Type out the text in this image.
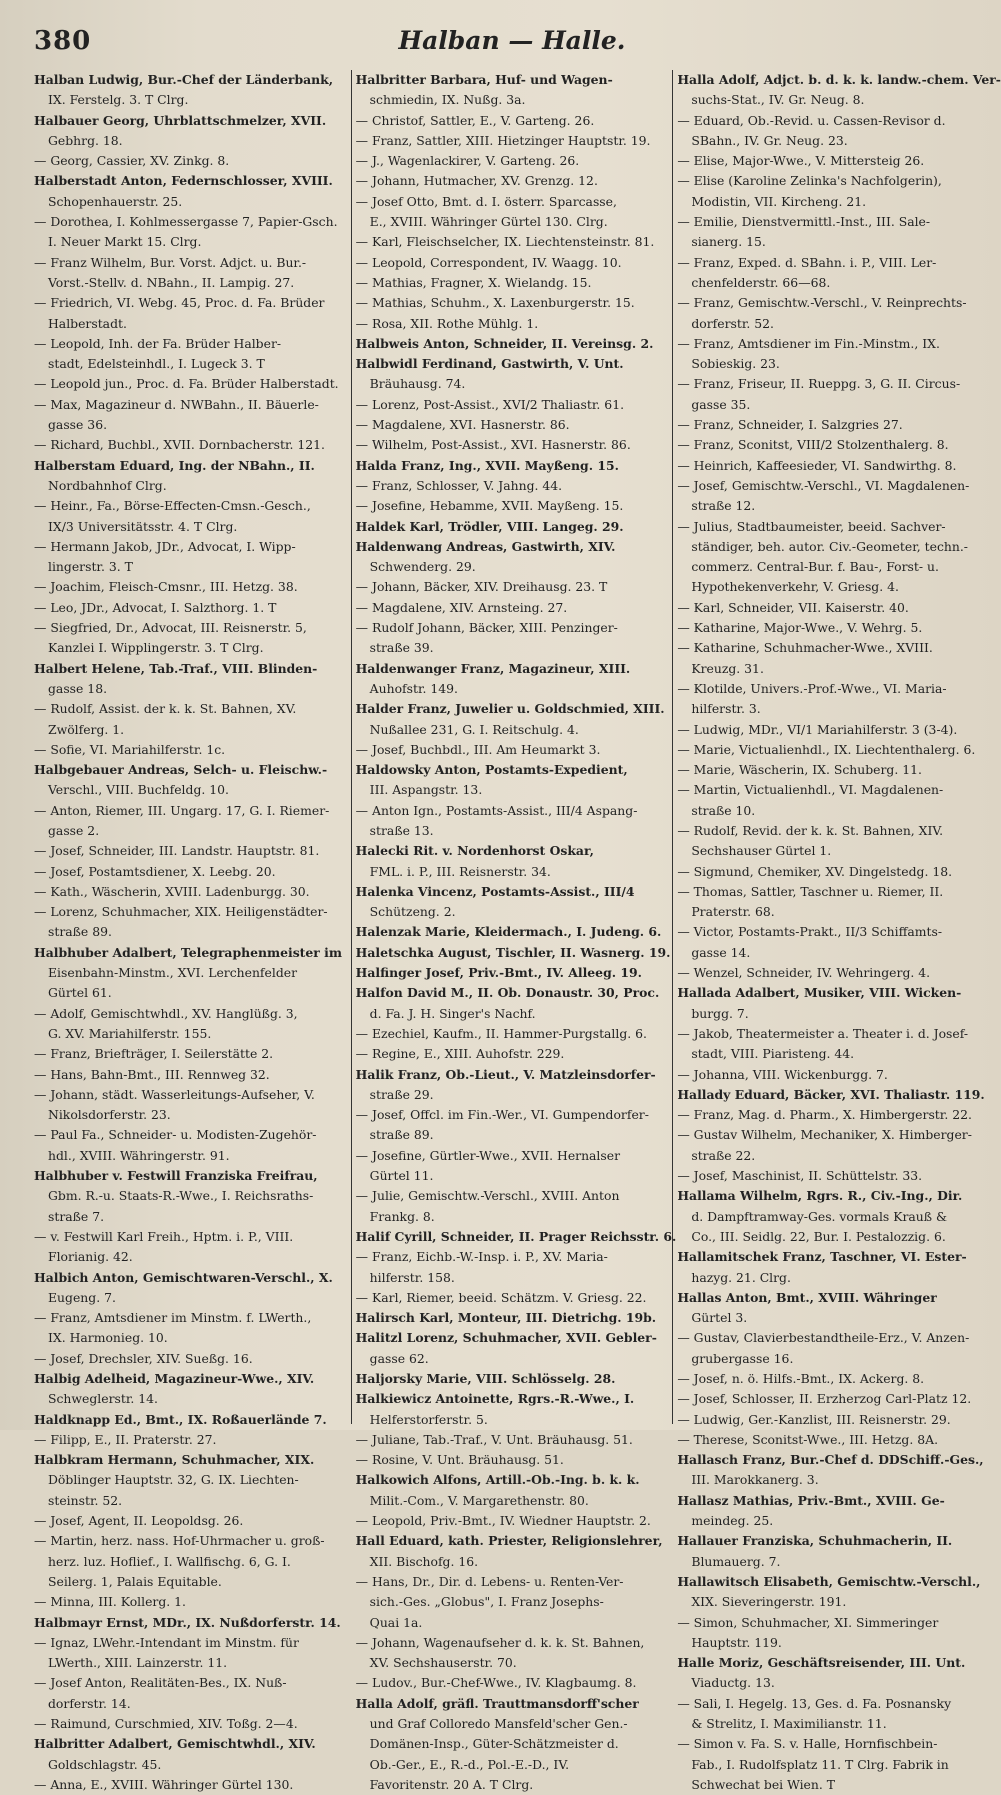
380	Halban — Halle.
Halban Ludwig, Bur.-Chef der Länderbank,
IX. Ferstelg. 3. T Clrg.
Halbauer Georg, Uhrblattschmelzer, XVII.
Gebhrg. 18.
— Georg, Cassier, XV. Zinkg. 8.
Halberstadt Anton, Federnschlosser, XVIII.
Schopenhauerstr. 25.
— Dorothea, I. Kohlmessergasse 7, Papier-Gsch.
I. Neuer Markt 15. Clrg.
— Franz Wilhelm, Bur. Vorst. Adjct. u. Bur.-
Vorst.-Stellv. d. NBahn., II. Lampig. 27.
— Friedrich, VI. Webg. 45, Proc. d. Fa. Brüder
Halberstadt.
— Leopold, Inh. der Fa. Brüder Halber-
stadt, Edelsteinhdl., I. Lugeck 3. T
— Leopold jun., Proc. d. Fa. Brüder Halberstadt.
— Max, Magazineur d. NWBahn., II. Bäuerle-
gasse 36.
— Richard, Buchbl., XVII. Dornbacherstr. 121.
Halberstam Eduard, Ing. der NBahn., II.
Nordbahnhof Clrg.
— Heinr., Fa., Börse-Effecten-Cmsn.-Gesch.,
IX/3 Universitätsstr. 4. T Clrg.
— Hermann Jakob, JDr., Advocat, I. Wipp-
lingerstr. 3. T
— Joachim, Fleisch-Cmsnr., III. Hetzg. 38.
— Leo, JDr., Advocat, I. Salzthorg. 1. T
— Siegfried, Dr., Advocat, III. Reisnerstr. 5,
Kanzlei I. Wipplingerstr. 3. T Clrg.
Halbert Helene, Tab.-Traf., VIII. Blinden-
gasse 18.
— Rudolf, Assist. der k. k. St. Bahnen, XV.
Zwölferg. 1.
— Sofie, VI. Mariahilferstr. 1c.
Halbgebauer Andreas, Selch- u. Fleischw.-
Verschl., VIII. Buchfeldg. 10.
— Anton, Riemer, III. Ungarg. 17, G. I. Riemer-
gasse 2.
— Josef, Schneider, III. Landstr. Hauptstr. 81.
— Josef, Postamtsdiener, X. Leebg. 20.
— Kath., Wäscherin, XVIII. Ladenburgg. 30.
— Lorenz, Schuhmacher, XIX. Heiligenstädter-
straße 89.
Halbhuber Adalbert, Telegraphenmeister im
Eisenbahn-Minstm., XVI. Lerchenfelder
Gürtel 61.
— Adolf, Gemischtwhdl., XV. Hanglüßg. 3,
G. XV. Mariahilferstr. 155.
— Franz, Briefträger, I. Seilerstätte 2.
— Hans, Bahn-Bmt., III. Rennweg 32.
— Johann, städt. Wasserleitungs-Aufseher, V.
Nikolsdorferstr. 23.
— Paul Fa., Schneider- u. Modisten-Zugehör-
hdl., XVIII. Währingerstr. 91.
Halbhuber v. Festwill Franziska Freifrau,
Gbm. R.-u. Staats-R.-Wwe., I. Reichsraths-
straße 7.
— v. Festwill Karl Freih., Hptm. i. P., VIII.
Florianig. 42.
Halbich Anton, Gemischtwaren-Verschl., X.
Eugeng. 7.
— Franz, Amtsdiener im Minstm. f. LWerth.,
IX. Harmonieg. 10.
— Josef, Drechsler, XIV. Sueßg. 16.
Halbig Adelheid, Magazineur-Wwe., XIV.
Schweglerstr. 14.
Haldknapp Ed., Bmt., IX. Roßauerlände 7.
— Filipp, E., II. Praterstr. 27.
Halbkram Hermann, Schuhmacher, XIX.
Döblinger Hauptstr. 32, G. IX. Liechten-
steinstr. 52.
— Josef, Agent, II. Leopoldsg. 26.
— Martin, herz. nass. Hof-Uhrmacher u. groß-
herz. luz. Hoflief., I. Wallfischg. 6, G. I.
Seilerg. 1, Palais Equitable.
— Minna, III. Kollerg. 1.
Halbmayr Ernst, MDr., IX. Nußdorferstr. 14.
— Ignaz, LWehr.-Intendant im Minstm. für
LWerth., XIII. Lainzerstr. 11.
— Josef Anton, Realitäten-Bes., IX. Nuß-
dorferstr. 14.
— Raimund, Curschmied, XIV. Toßg. 2—4.
Halbritter Adalbert, Gemischtwhdl., XIV.
Goldschlagstr. 45.
— Anna, E., XVIII. Währinger Gürtel 130.
Halbritter Barbara, Huf- und Wagen-
schmiedin, IX. Nußg. 3a.
— Christof, Sattler, E., V. Garteng. 26.
— Franz, Sattler, XIII. Hietzinger Hauptstr. 19.
— J., Wagenlackirer, V. Garteng. 26.
— Johann, Hutmacher, XV. Grenzg. 12.
— Josef Otto, Bmt. d. I. österr. Sparcasse,
E., XVIII. Währinger Gürtel 130. Clrg.
— Karl, Fleischselcher, IX. Liechtensteinstr. 81.
— Leopold, Correspondent, IV. Waagg. 10.
— Mathias, Fragner, X. Wielandg. 15.
— Mathias, Schuhm., X. Laxenburgerstr. 15.
— Rosa, XII. Rothe Mühlg. 1.
Halbweis Anton, Schneider, II. Vereinsg. 2.
Halbwidl Ferdinand, Gastwirth, V. Unt.
Bräuhausg. 74.
— Lorenz, Post-Assist., XVI/2 Thaliastr. 61.
— Magdalene, XVI. Hasnerstr. 86.
— Wilhelm, Post-Assist., XVI. Hasnerstr. 86.
Halda Franz, Ing., XVII. Mayßeng. 15.
— Franz, Schlosser, V. Jahng. 44.
— Josefine, Hebamme, XVII. Mayßeng. 15.
Haldek Karl, Trödler, VIII. Langeg. 29.
Haldenwang Andreas, Gastwirth, XIV.
Schwenderg. 29.
— Johann, Bäcker, XIV. Dreihausg. 23. T
— Magdalene, XIV. Arnsteing. 27.
— Rudolf Johann, Bäcker, XIII. Penzinger-
straße 39.
Haldenwanger Franz, Magazineur, XIII.
Auhofstr. 149.
Halder Franz, Juwelier u. Goldschmied, XIII.
Nußallee 231, G. I. Reitschulg. 4.
— Josef, Buchbdl., III. Am Heumarkt 3.
Haldowsky Anton, Postamts-Expedient,
III. Aspangstr. 13.
— Anton Ign., Postamts-Assist., III/4 Aspang-
straße 13.
Halecki Rit. v. Nordenhorst Oskar,
FML. i. P., III. Reisnerstr. 34.
Halenka Vincenz, Postamts-Assist., III/4
Schützeng. 2.
Halenzak Marie, Kleidermach., I. Judeng. 6.
Haletschka August, Tischler, II. Wasnerg. 19.
Halfinger Josef, Priv.-Bmt., IV. Alleeg. 19.
Halfon David M., II. Ob. Donaustr. 30, Proc.
d. Fa. J. H. Singer's Nachf.
— Ezechiel, Kaufm., II. Hammer-Purgstallg. 6.
— Regine, E., XIII. Auhofstr. 229.
Halik Franz, Ob.-Lieut., V. Matzleinsdorfer-
straße 29.
— Josef, Offcl. im Fin.-Wer., VI. Gumpendorfer-
straße 89.
— Josefine, Gürtler-Wwe., XVII. Hernalser
Gürtel 11.
— Julie, Gemischtw.-Verschl., XVIII. Anton
Frankg. 8.
Halif Cyrill, Schneider, II. Prager Reichsstr. 6.
— Franz, Eichb.-W.-Insp. i. P., XV. Maria-
hilferstr. 158.
— Karl, Riemer, beeid. Schätzm. V. Griesg. 22.
Halirsch Karl, Monteur, III. Dietrichg. 19b.
Halitzl Lorenz, Schuhmacher, XVII. Gebler-
gasse 62.
Haljorsky Marie, VIII. Schlösselg. 28.
Halkiewicz Antoinette, Rgrs.-R.-Wwe., I.
Helferstorferstr. 5.
— Juliane, Tab.-Traf., V. Unt. Bräuhausg. 51.
— Rosine, V. Unt. Bräuhausg. 51.
Halkowich Alfons, Artill.-Ob.-Ing. b. k. k.
Milit.-Com., V. Margarethenstr. 80.
— Leopold, Priv.-Bmt., IV. Wiedner Hauptstr. 2.
Hall Eduard, kath. Priester, Religionslehrer,
XII. Bischofg. 16.
— Hans, Dr., Dir. d. Lebens- u. Renten-Ver-
sich.-Ges. „Globus", I. Franz Josephs-
Quai 1a.
— Johann, Wagenaufseher d. k. k. St. Bahnen,
XV. Sechshauserstr. 70.
— Ludov., Bur.-Chef-Wwe., IV. Klagbaumg. 8.
Halla Adolf, gräfl. Trauttmansdorff'scher
und Graf Colloredo Mansfeld'scher Gen.-
Domänen-Insp., Güter-Schätzmeister d.
Ob.-Ger., E., R.-d., Pol.-E.-D., IV.
Favoritenstr. 20 A. T Clrg.
Halla Adolf, Adjct. b. d. k. k. landw.-chem. Ver-
suchs-Stat., IV. Gr. Neug. 8.
— Eduard, Ob.-Revid. u. Cassen-Revisor d.
SBahn., IV. Gr. Neug. 23.
— Elise, Major-Wwe., V. Mittersteig 26.
— Elise (Karoline Zelinka's Nachfolgerin),
Modistin, VII. Kircheng. 21.
— Emilie, Dienstvermittl.-Inst., III. Sale-
sianerg. 15.
— Franz, Exped. d. SBahn. i. P., VIII. Ler-
chenfelderstr. 66—68.
— Franz, Gemischtw.-Verschl., V. Reinprechts-
dorferstr. 52.
— Franz, Amtsdiener im Fin.-Minstm., IX.
Sobieskig. 23.
— Franz, Friseur, II. Rueppg. 3, G. II. Circus-
gasse 35.
— Franz, Schneider, I. Salzgries 27.
— Franz, Sconitst, VIII/2 Stolzenthalerg. 8.
— Heinrich, Kaffeesieder, VI. Sandwirthg. 8.
— Josef, Gemischtw.-Verschl., VI. Magdalenen-
straße 12.
— Julius, Stadtbaumeister, beeid. Sachver-
ständiger, beh. autor. Civ.-Geometer, techn.-
commerz. Central-Bur. f. Bau-, Forst- u.
Hypothekenverkehr, V. Griesg. 4.
— Karl, Schneider, VII. Kaiserstr. 40.
— Katharine, Major-Wwe., V. Wehrg. 5.
— Katharine, Schuhmacher-Wwe., XVIII.
Kreuzg. 31.
— Klotilde, Univers.-Prof.-Wwe., VI. Maria-
hilferstr. 3.
— Ludwig, MDr., VI/1 Mariahilferstr. 3 (3-4).
— Marie, Victualienhdl., IX. Liechtenthalerg. 6.
— Marie, Wäscherin, IX. Schuberg. 11.
— Martin, Victualienhdl., VI. Magdalenen-
straße 10.
— Rudolf, Revid. der k. k. St. Bahnen, XIV.
Sechshauser Gürtel 1.
— Sigmund, Chemiker, XV. Dingelstedg. 18.
— Thomas, Sattler, Taschner u. Riemer, II.
Praterstr. 68.
— Victor, Postamts-Prakt., II/3 Schiffamts-
gasse 14.
— Wenzel, Schneider, IV. Wehringerg. 4.
Hallada Adalbert, Musiker, VIII. Wicken-
burgg. 7.
— Jakob, Theatermeister a. Theater i. d. Josef-
stadt, VIII. Piaristeng. 44.
— Johanna, VIII. Wickenburgg. 7.
Hallady Eduard, Bäcker, XVI. Thaliastr. 119.
— Franz, Mag. d. Pharm., X. Himbergerstr. 22.
— Gustav Wilhelm, Mechaniker, X. Himberger-
straße 22.
— Josef, Maschinist, II. Schüttelstr. 33.
Hallama Wilhelm, Rgrs. R., Civ.-Ing., Dir.
d. Dampftramway-Ges. vormals Krauß &
Co., III. Seidlg. 22, Bur. I. Pestalozzig. 6.
Hallamitschek Franz, Taschner, VI. Ester-
hazyg. 21. Clrg.
Hallas Anton, Bmt., XVIII. Währinger
Gürtel 3.
— Gustav, Clavierbestandtheile-Erz., V. Anzen-
grubergasse 16.
— Josef, n. ö. Hilfs.-Bmt., IX. Ackerg. 8.
— Josef, Schlosser, II. Erzherzog Carl-Platz 12.
— Ludwig, Ger.-Kanzlist, III. Reisnerstr. 29.
— Therese, Sconitst-Wwe., III. Hetzg. 8A.
Hallasch Franz, Bur.-Chef d. DDSchiff.-Ges.,
III. Marokkanerg. 3.
Hallasz Mathias, Priv.-Bmt., XVIII. Ge-
meindeg. 25.
Hallauer Franziska, Schuhmacherin, II.
Blumauerg. 7.
Hallawitsch Elisabeth, Gemischtw.-Verschl.,
XIX. Sieveringerstr. 191.
— Simon, Schuhmacher, XI. Simmeringer
Hauptstr. 119.
Halle Moriz, Geschäftsreisender, III. Unt.
Viaductg. 13.
— Sali, I. Hegelg. 13, Ges. d. Fa. Posnansky
& Strelitz, I. Maximilianstr. 11.
— Simon v. Fa. S. v. Halle, Hornfischbein-
Fab., I. Rudolfsplatz 11. T Clrg. Fabrik in
Schwechat bei Wien. T
